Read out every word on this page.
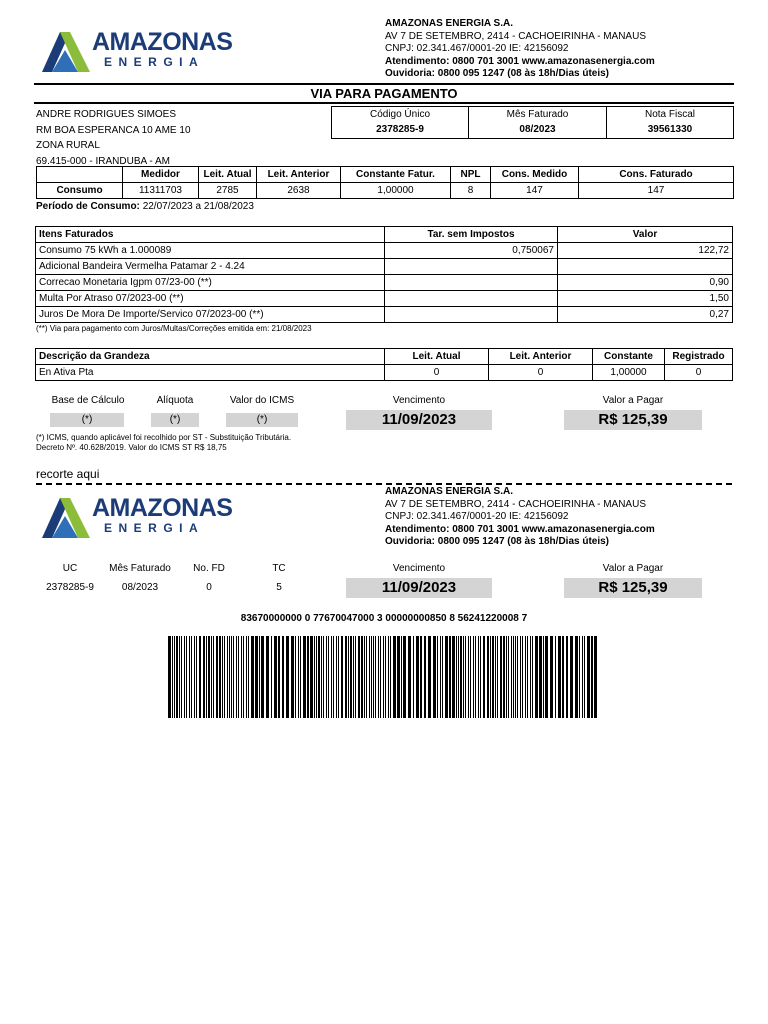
AMAZONAS
ENERGIA
AMAZONAS ENERGIA S.A.
AV 7 DE SETEMBRO, 2414 - CACHOEIRINHA - MANAUS
CNPJ: 02.341.467/0001-20 IE: 42156092
Atendimento: 0800 701 3001 www.amazonasenergia.com
Ouvidoria: 0800 095 1247 (08 às 18h/Dias úteis)
VIA PARA PAGAMENTO
ANDRE RODRIGUES SIMOES
RM BOA ESPERANCA 10 AME 10
ZONA RURAL
69.415-000 - IRANDUBA - AM
Código Único	Mês Faturado	Nota Fiscal
2378285-9	08/2023	39561330
	Medidor	Leit. Atual	Leit. Anterior	Constante Fatur.	NPL	Cons. Medido	Cons. Faturado
Consumo	11311703	2785	2638	1,00000	8	147	147
Período de Consumo: 22/07/2023 a 21/08/2023
Itens Faturados	Tar. sem Impostos	Valor
Consumo 75 kWh a 1.000089	0,750067	122,72
Adicional Bandeira Vermelha Patamar 2 - 4.24		
Correcao Monetaria Igpm 07/23-00 (**)		0,90
Multa Por Atraso 07/2023-00 (**)		1,50
Juros De Mora De Importe/Servico 07/2023-00 (**)		0,27
(**) Via para pagamento com Juros/Multas/Correções emitida em: 21/08/2023
Descrição da Grandeza	Leit. Atual	Leit. Anterior	Constante	Registrado
En Ativa Pta	0	0	1,00000	0
Base de Cálculo	Alíquota	Valor do ICMS
(*)	(*)	(*)
(*) ICMS, quando aplicável foi recolhido por ST - Substituição Tributária.
Decreto Nº. 40.628/2019. Valor do ICMS ST R$ 18,75
Vencimento
11/09/2023
Valor a Pagar
R$ 125,39
recorte aqui
AMAZONAS
ENERGIA
AMAZONAS ENERGIA S.A.
AV 7 DE SETEMBRO, 2414 - CACHOEIRINHA - MANAUS
CNPJ: 02.341.467/0001-20 IE: 42156092
Atendimento: 0800 701 3001 www.amazonasenergia.com
Ouvidoria: 0800 095 1247 (08 às 18h/Dias úteis)
UC	Mês Faturado	No. FD	TC
2378285-9	08/2023	0	5
Vencimento
11/09/2023
Valor a Pagar
R$ 125,39
83670000000 0 77670047000 3 00000000850 8 56241220008 7
